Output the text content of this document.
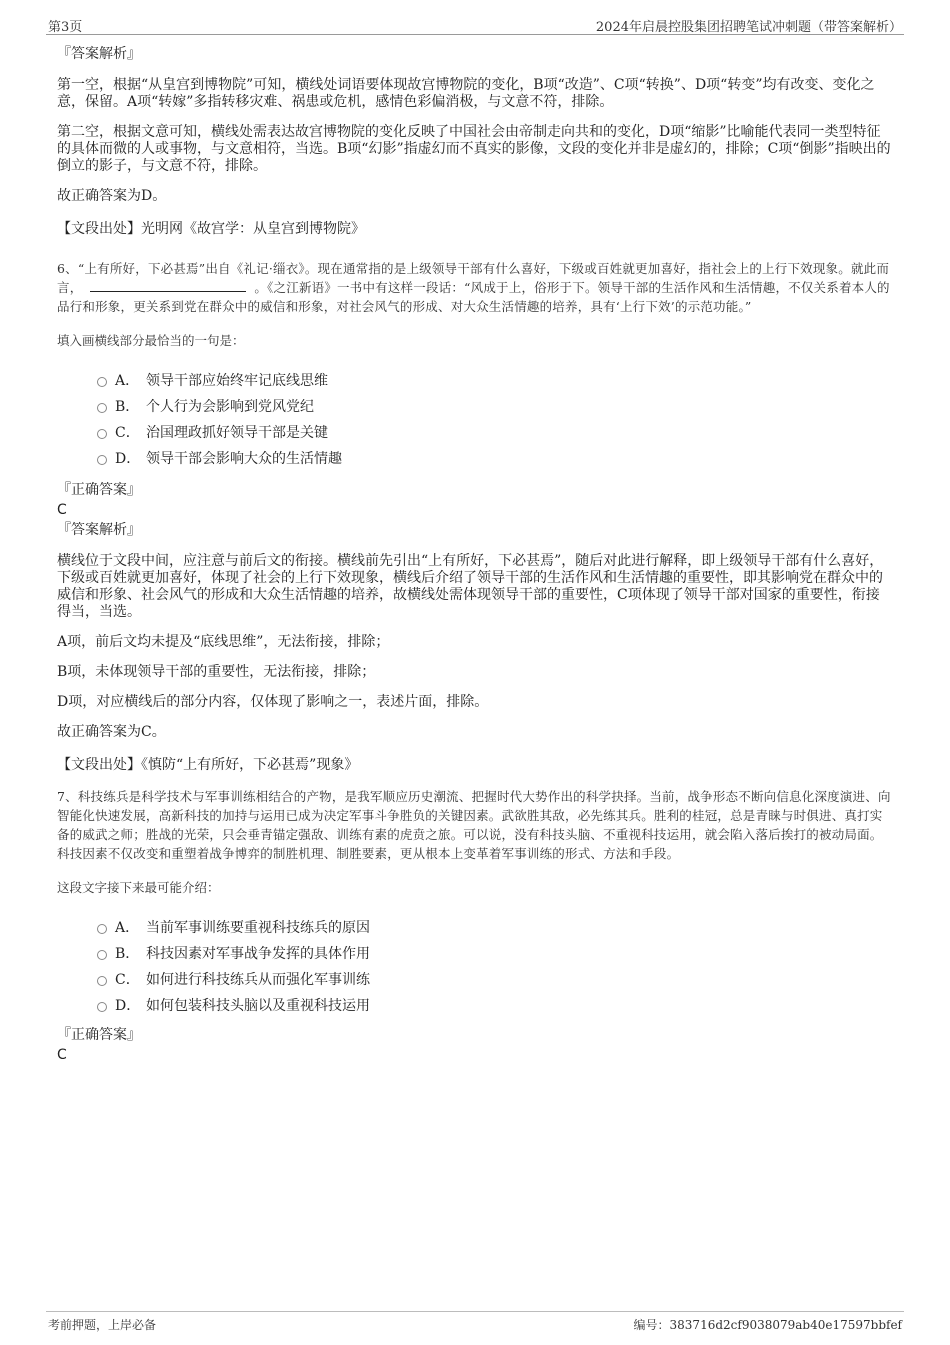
第3页	2024年启晨控股集团招聘笔试冲刺题（带答案解析）

『答案解析』

第一空，根据“从皇宫到博物院”可知，横线处词语要体现故宫博物院的变化，B项“改造”、C项“转换”、D项“转变”均有改变、变化之意，保留。A项“转嫁”多指转移灾难、祸患或危机，感情色彩偏消极，与文意不符，排除。

第二空，根据文意可知，横线处需表达故宫博物院的变化反映了中国社会由帝制走向共和的变化，D项“缩影”比喻能代表同一类型特征的具体而微的人或事物，与文意相符，当选。B项“幻影”指虚幻而不真实的影像，文段的变化并非是虚幻的，排除；C项“倒影”指映出的倒立的影子，与文意不符，排除。

故正确答案为D。

【文段出处】光明网《故宫学：从皇宫到博物院》

6、“上有所好，下必甚焉”出自《礼记·缁衣》。现在通常指的是上级领导干部有什么喜好，下级或百姓就更加喜好，指社会上的上行下效现象。就此而言，	。《之江新语》一书中有这样一段话：“风成于上，俗形于下。领导干部的生活作风和生活情趣，不仅关系着本人的品行和形象，更关系到党在群众中的威信和形象，对社会风气的形成、对大众生活情趣的培养，具有‘上行下效’的示范功能。”

填入画横线部分最恰当的一句是：

A． 领导干部应始终牢记底线思维
B． 个人行为会影响到党风党纪
C． 治国理政抓好领导干部是关键
D． 领导干部会影响大众的生活情趣

『正确答案』

C

『答案解析』

横线位于文段中间，应注意与前后文的衔接。横线前先引出“上有所好，下必甚焉”，随后对此进行解释，即上级领导干部有什么喜好，下级或百姓就更加喜好，体现了社会的上行下效现象，横线后介绍了领导干部的生活作风和生活情趣的重要性，即其影响党在群众中的威信和形象、社会风气的形成和大众生活情趣的培养，故横线处需体现领导干部的重要性，C项体现了领导干部对国家的重要性，衔接得当，当选。

A项，前后文均未提及“底线思维”，无法衔接，排除；

B项，未体现领导干部的重要性，无法衔接，排除；

D项，对应横线后的部分内容，仅体现了影响之一，表述片面，排除。

故正确答案为C。

【文段出处】《慎防“上有所好，下必甚焉”现象》

7、科技练兵是科学技术与军事训练相结合的产物，是我军顺应历史潮流、把握时代大势作出的科学抉择。当前，战争形态不断向信息化深度演进、向智能化快速发展，高新科技的加持与运用已成为决定军事斗争胜负的关键因素。武欲胜其敌，必先练其兵。胜利的桂冠，总是青睐与时俱进、真打实备的威武之师；胜战的光荣，只会垂青锚定强敌、训练有素的虎贲之旅。可以说，没有科技头脑、不重视科技运用，就会陷入落后挨打的被动局面。科技因素不仅改变和重塑着战争博弈的制胜机理、制胜要素，更从根本上变革着军事训练的形式、方法和手段。

这段文字接下来最可能介绍：

A． 当前军事训练要重视科技练兵的原因
B． 科技因素对军事战争发挥的具体作用
C． 如何进行科技练兵从而强化军事训练
D． 如何包装科技头脑以及重视科技运用

『正确答案』

C

考前押题，上岸必备	编号：383716d2cf9038079ab40e17597bbfef
